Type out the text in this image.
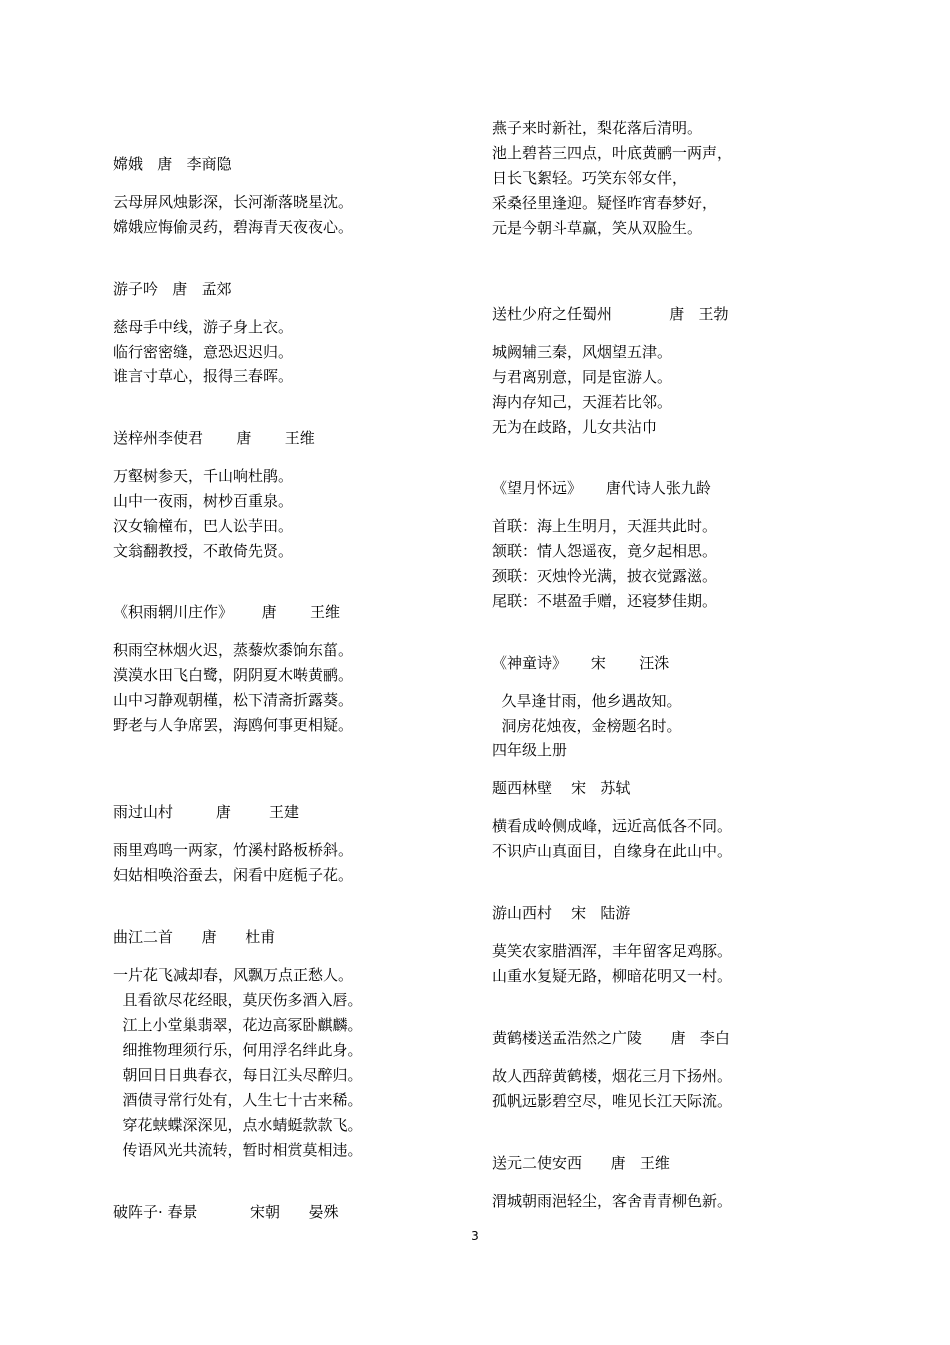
嫦娥   唐   李商隐
云母屏风烛影深，长河渐落晓星沈。
嫦娥应悔偷灵药，碧海青天夜夜心。
游子吟   唐   孟郊
慈母手中线，游子身上衣。
临行密密缝，意恐迟迟归。
谁言寸草心，报得三春晖。
送梓州李使君       唐       王维
万壑树参天，千山响杜鹃。
山中一夜雨，树杪百重泉。
汉女输橦布，巴人讼芋田。
文翁翻教授，不敢倚先贤。
《积雨辋川庄作》      唐       王维
积雨空林烟火迟，蒸藜炊黍饷东菑。
漠漠水田飞白鹭，阴阴夏木啭黄鹂。
山中习静观朝槿，松下清斋折露葵。
野老与人争席罢，海鸥何事更相疑。
雨过山村         唐        王建
雨里鸡鸣一两家，竹溪村路板桥斜。
妇姑相唤浴蚕去，闲看中庭栀子花。
曲江二首      唐      杜甫
一片花飞减却春，风飘万点正愁人。
且看欲尽花经眼，莫厌伤多酒入唇。
江上小堂巢翡翠，花边高冢卧麒麟。
细推物理须行乐，何用浮名绊此身。
朝回日日典春衣，每日江头尽醉归。
酒债寻常行处有，人生七十古来稀。
穿花蛱蝶深深见，点水蜻蜓款款飞。
传语风光共流转，暂时相赏莫相违。
破阵子· 春景           宋朝      晏殊
燕子来时新社，梨花落后清明。
池上碧苔三四点，叶底黄鹂一两声，
日长飞絮轻。巧笑东邻女伴，
采桑径里逢迎。疑怪昨宵春梦好，
元是今朝斗草赢，笑从双脸生。
送杜少府之任蜀州            唐   王勃
城阙辅三秦，风烟望五津。
与君离别意，同是宦游人。
海内存知己，天涯若比邻。
无为在歧路，儿女共沾巾
《望月怀远》     唐代诗人张九龄
首联：海上生明月，天涯共此时。
颔联：情人怨遥夜，竟夕起相思。
颈联：灭烛怜光满，披衣觉露滋。
尾联：不堪盈手赠，还寝梦佳期。
《神童诗》     宋       汪洙
久旱逢甘雨，他乡遇故知。
洞房花烛夜，金榜题名时。
四年级上册
题西林壁    宋   苏轼
横看成岭侧成峰，远近高低各不同。
不识庐山真面目，自缘身在此山中。
游山西村    宋   陆游
莫笑农家腊酒浑，丰年留客足鸡豚。
山重水复疑无路，柳暗花明又一村。
黄鹤楼送孟浩然之广陵      唐   李白
故人西辞黄鹤楼，烟花三月下扬州。
孤帆远影碧空尽，唯见长江天际流。
送元二使安西      唐   王维
渭城朝雨浥轻尘，客舍青青柳色新。
3
